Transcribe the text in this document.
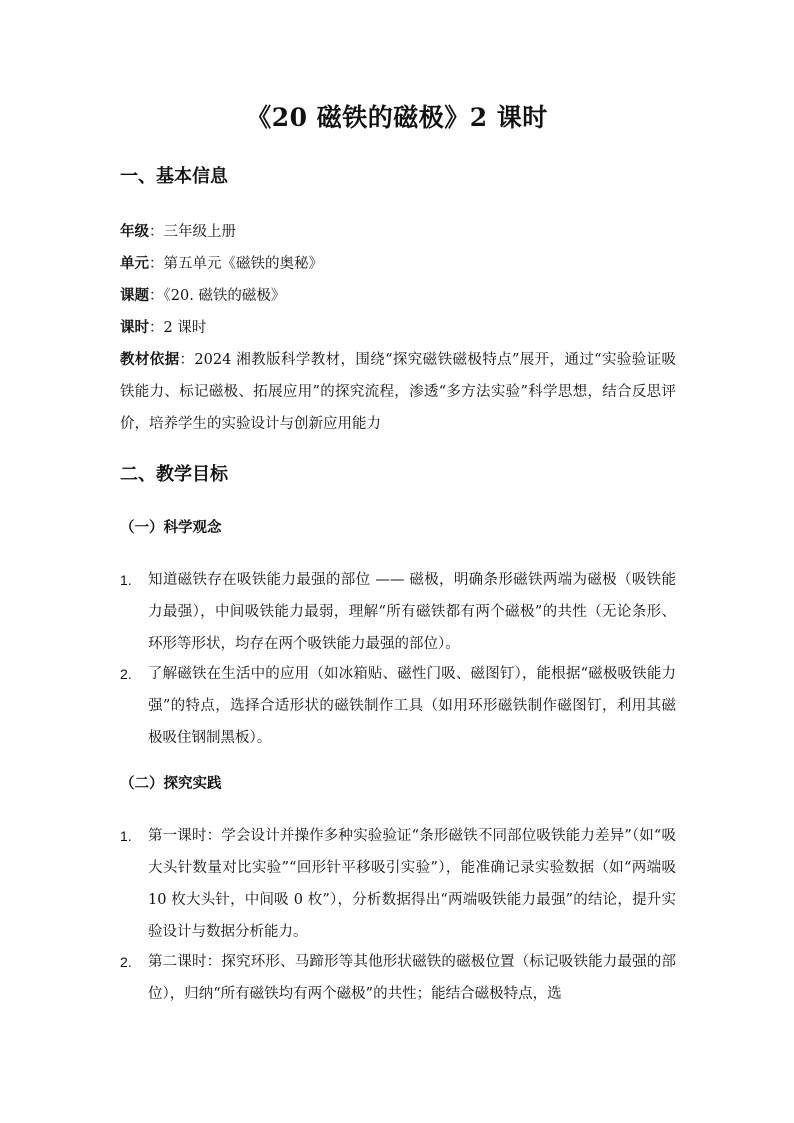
《20 磁铁的磁极》2 课时
一、基本信息
年级：三年级上册
单元：第五单元《磁铁的奥秘》
课题：《20. 磁铁的磁极》
课时：2 课时
教材依据：2024 湘教版科学教材，围绕“探究磁铁磁极特点”展开，通过“实验验证吸铁能力、标记磁极、拓展应用”的探究流程，渗透“多方法实验”科学思想，结合反思评价，培养学生的实验设计与创新应用能力
二、教学目标
（一）科学观念
1.	知道磁铁存在吸铁能力最强的部位 —— 磁极，明确条形磁铁两端为磁极（吸铁能力最强），中间吸铁能力最弱，理解“所有磁铁都有两个磁极”的共性（无论条形、环形等形状，均存在两个吸铁能力最强的部位）。
2.	了解磁铁在生活中的应用（如冰箱贴、磁性门吸、磁图钉），能根据“磁极吸铁能力强”的特点，选择合适形状的磁铁制作工具（如用环形磁铁制作磁图钉，利用其磁极吸住钢制黑板）。
（二）探究实践
1.	第一课时：学会设计并操作多种实验验证“条形磁铁不同部位吸铁能力差异”（如“吸大头针数量对比实验”“回形针平移吸引实验”），能准确记录实验数据（如“两端吸 10 枚大头针，中间吸 0 枚”），分析数据得出“两端吸铁能力最强”的结论，提升实验设计与数据分析能力。
2.	第二课时：探究环形、马蹄形等其他形状磁铁的磁极位置（标记吸铁能力最强的部位），归纳“所有磁铁均有两个磁极”的共性；能结合磁极特点，选
